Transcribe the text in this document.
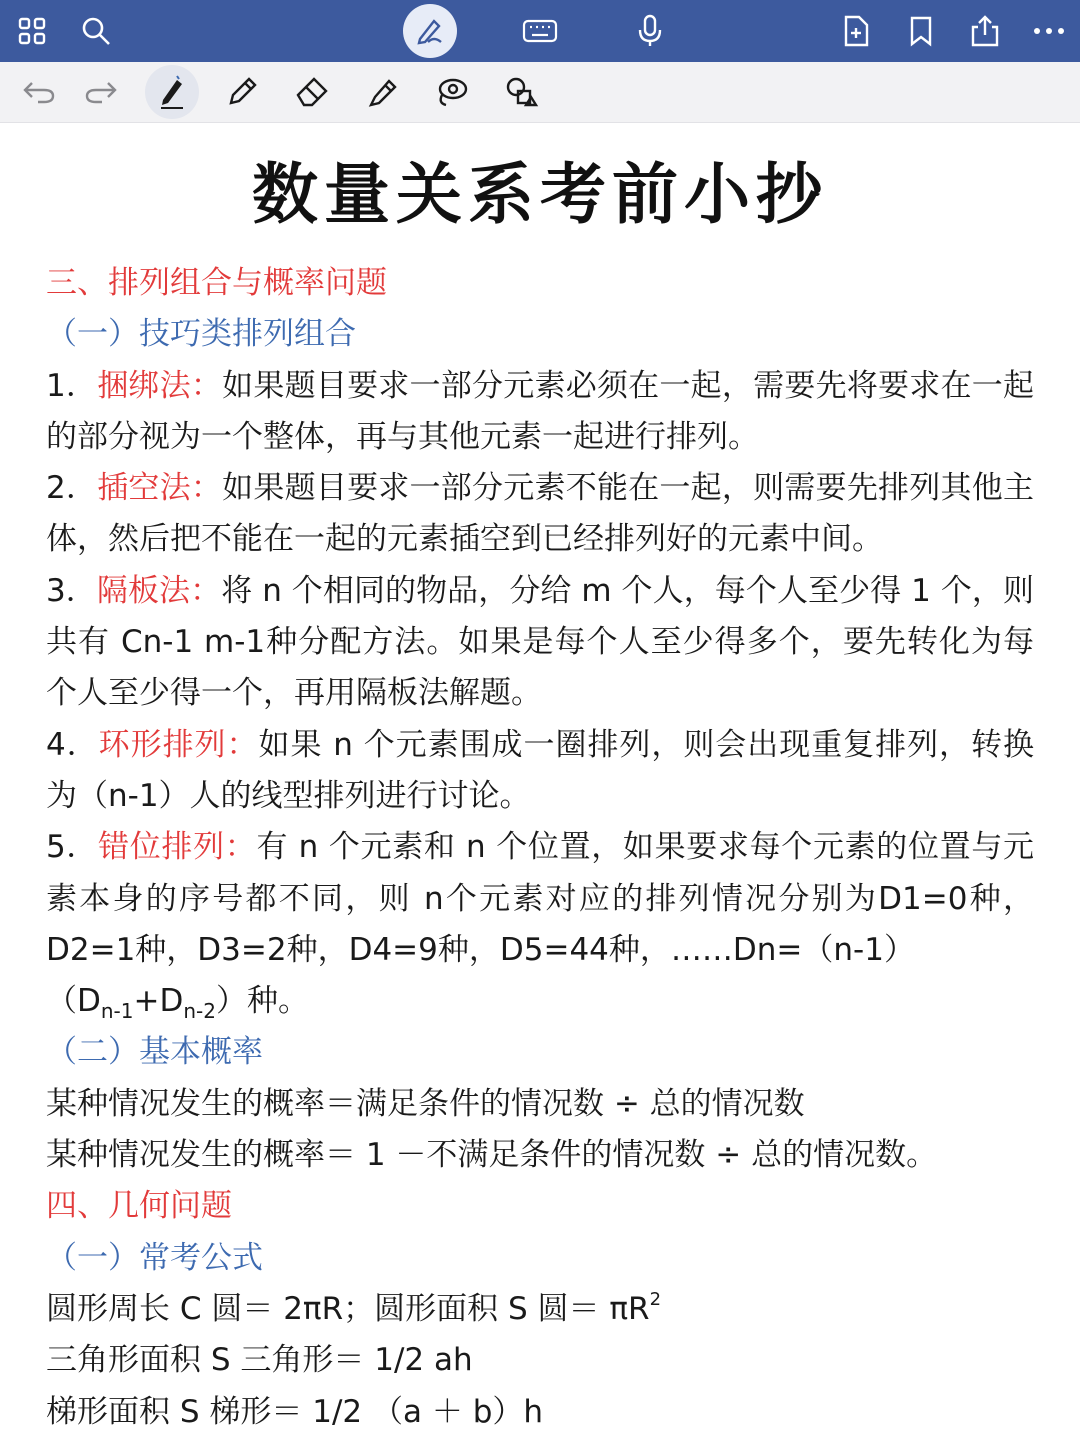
数量关系考前小抄

三、排列组合与概率问题

（一）技巧类排列组合

1．捆绑法：如果题目要求一部分元素必须在一起，需要先将要求在一起的部分视为一个整体，再与其他元素一起进行排列。

2．插空法：如果题目要求一部分元素不能在一起，则需要先排列其他主体，然后把不能在一起的元素插空到已经排列好的元素中间。

3．隔板法：将 n 个相同的物品，分给 m 个人，每个人至少得 1 个，则共有 Cn-1 m-1种分配方法。如果是每个人至少得多个，要先转化为每个人至少得一个，再用隔板法解题。

4．环形排列：如果 n 个元素围成一圈排列，则会出现重复排列，转换为（n-1）人的线型排列进行讨论。

5．错位排列：有 n 个元素和 n 个位置，如果要求每个元素的位置与元素本身的序号都不同，则 n个元素对应的排列情况分别为D1=0种，D2=1种，D3=2种，D4=9种，D5=44种，……Dn=（n-1）

$(D_{n-1}+D_{n-2})$种。

（二）基本概率

某种情况发生的概率＝满足条件的情况数 ÷ 总的情况数

某种情况发生的概率＝ 1 －不满足条件的情况数 ÷ 总的情况数。

四、几何问题

（一）常考公式

圆形周长 C 圆＝ 2πR；圆形面积 S 圆＝ $\pi R^2$

三角形面积 S 三角形＝ 1/2 ah

梯形面积 S 梯形＝ 1/2 （a ＋ b）h
